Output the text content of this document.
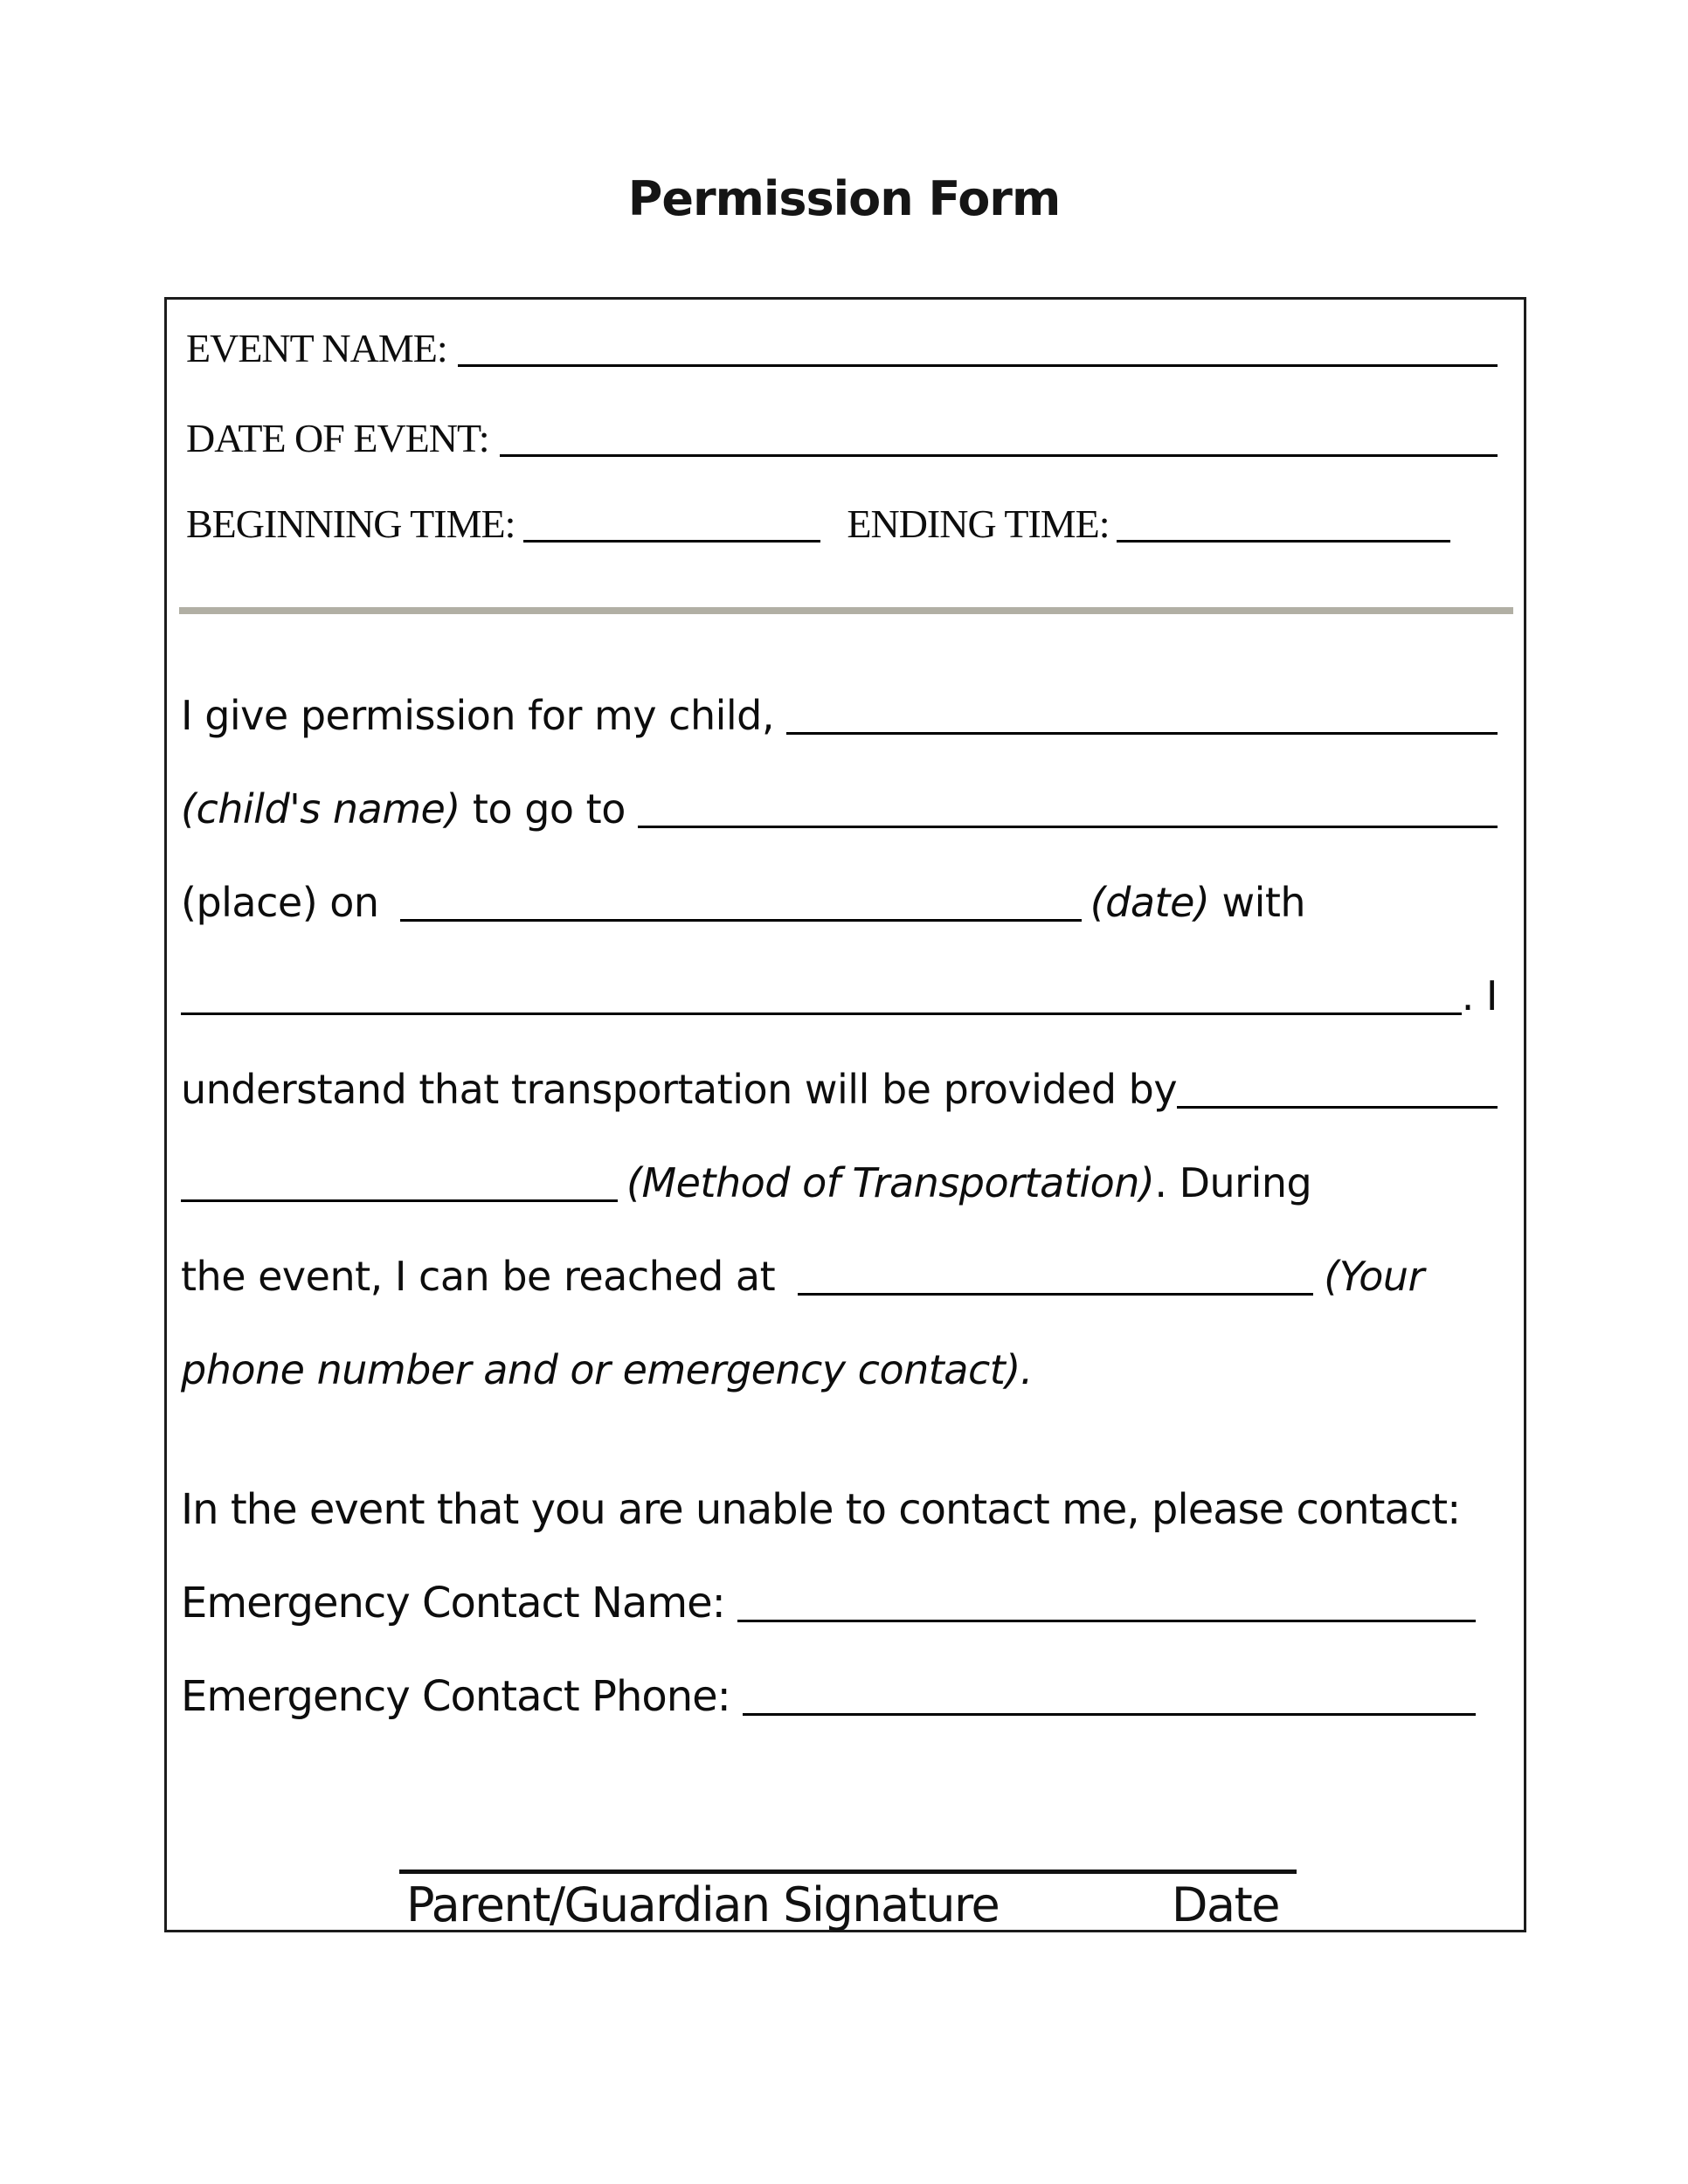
Permission Form
EVENT NAME:
DATE OF EVENT:
BEGINNING TIME:	ENDING TIME:
I give permission for my child,
(child's name) to go to
(place) on	(date) with
. I
understand that transportation will be provided by
(Method of Transportation) . During
the event, I can be reached at	(Your
phone number and or emergency contact).
In the event that you are unable to contact me, please contact:
Emergency Contact Name:
Emergency Contact Phone:
Parent/Guardian Signature	Date
